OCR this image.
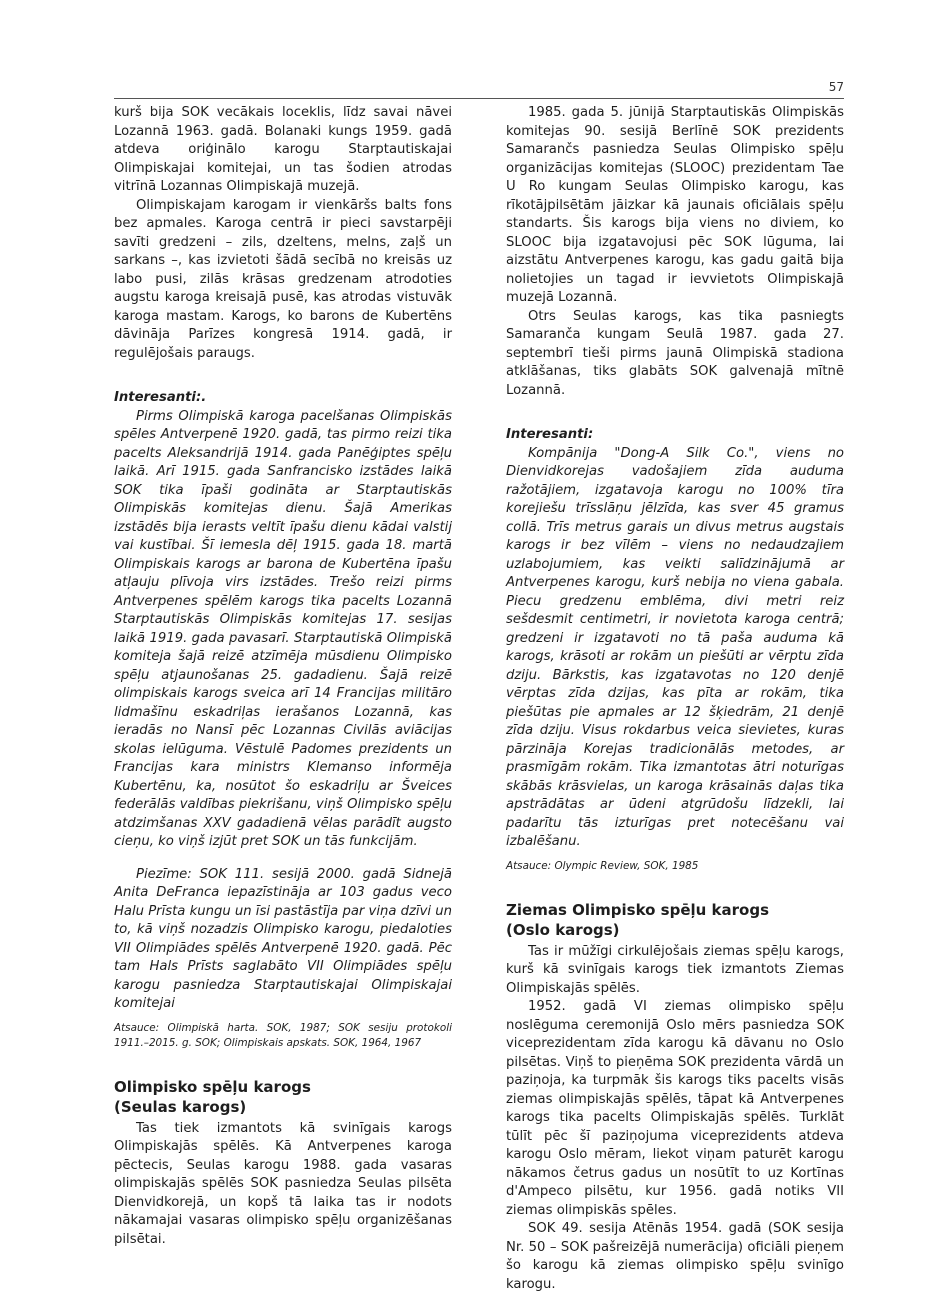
57

kurš bija SOK vecākais loceklis, līdz savai nāvei Lozannā 1963. gadā. Bolanaki kungs 1959. gadā atdeva oriģinālo karogu Starptautiskajai Olimpiskajai komitejai, un tas šodien atrodas vitrīnā Lozannas Olimpiskajā muzejā.

Olimpiskajam karogam ir vienkāršs balts fons bez apmales. Karoga centrā ir pieci savstarpēji savīti gredzeni – zils, dzeltens, melns, zaļš un sarkans –, kas izvietoti šādā secībā no kreisās uz labo pusi, zilās krāsas gredzenam atrodoties augstu karoga kreisajā pusē, kas atrodas vistuvāk karoga mastam. Karogs, ko barons de Kubertēns dāvināja Parīzes kongresā 1914. gadā, ir regulējošais paraugs.

Interesanti:.

Pirms Olimpiskā karoga pacelšanas Olimpiskās spēles Antverpenē 1920. gadā, tas pirmo reizi tika pacelts Aleksandrijā 1914. gada Panēģiptes spēļu laikā. Arī 1915. gada Sanfrancisko izstādes laikā SOK tika īpaši godināta ar Starptautiskās Olimpiskās komitejas dienu. Šajā Amerikas izstādēs bija ierasts veltīt īpašu dienu kādai valstij vai kustībai. Šī iemesla dēļ 1915. gada 18. martā Olimpiskais karogs ar barona de Kubertēna īpašu atļauju plīvoja virs izstādes. Trešo reizi pirms Antverpenes spēlēm karogs tika pacelts Lozannā Starptautiskās Olimpiskās komitejas 17. sesijas laikā 1919. gada pavasarī. Starptautiskā Olimpiskā komiteja šajā reizē atzīmēja mūsdienu Olimpisko spēļu atjaunošanas 25. gadadienu. Šajā reizē olimpiskais karogs sveica arī 14 Francijas militāro lidmašīnu eskadriļas ierašanos Lozannā, kas ieradās no Nansī pēc Lozannas Civilās aviācijas skolas ielūguma. Vēstulē Padomes prezidents un Francijas kara ministrs Klemanso informēja Kubertēnu, ka, nosūtot šo eskadriļu ar Šveices federālās valdības piekrišanu, viņš Olimpisko spēļu atdzimšanas XXV gadadienā vēlas parādīt augsto cieņu, ko viņš izjūt pret SOK un tās funkcijām.

Piezīme: SOK 111. sesijā 2000. gadā Sidnejā Anita DeFranca iepazīstināja ar 103 gadus veco Halu Prīsta kungu un īsi pastāstīja par viņa dzīvi un to, kā viņš nozadzis Olimpisko karogu, piedaloties VII Olimpiādes spēlēs Antverpenē 1920. gadā. Pēc tam Hals Prīsts saglabāto VII Olimpiādes spēļu karogu pasniedza Starptautiskajai Olimpiskajai komitejai

Atsauce: Olimpiskā harta. SOK, 1987; SOK sesiju protokoli 1911.–2015. g. SOK; Olimpiskais apskats. SOK, 1964, 1967

Olimpisko spēļu karogs
(Seulas karogs)

Tas tiek izmantots kā svinīgais karogs Olimpiskajās spēlēs. Kā Antverpenes karoga pēctecis, Seulas karogu 1988. gada vasaras olimpiskajās spēlēs SOK pasniedza Seulas pilsēta Dienvidkorejā, un kopš tā laika tas ir nodots nākamajai vasaras olimpisko spēļu organizēšanas pilsētai.

1985. gada 5. jūnijā Starptautiskās Olimpiskās komitejas 90. sesijā Berlīnē SOK prezidents Samarančs pasniedza Seulas Olimpisko spēļu organizācijas komitejas (SLOOC) prezidentam Tae U Ro kungam Seulas Olimpisko karogu, kas rīkotājpilsētām jāizkar kā jaunais oficiālais spēļu standarts. Šis karogs bija viens no diviem, ko SLOOC bija izgatavojusi pēc SOK lūguma, lai aizstātu Antverpenes karogu, kas gadu gaitā bija nolietojies un tagad ir ievvietots Olimpiskajā muzejā Lozannā.

Otrs Seulas karogs, kas tika pasniegts Samaranča kungam Seulā 1987. gada 27. septembrī tieši pirms jaunā Olimpiskā stadiona atklāšanas, tiks glabāts SOK galvenajā mītnē Lozannā.

Interesanti:

Kompānija "Dong-A Silk Co.", viens no Dienvidkorejas vadošajiem zīda auduma ražotājiem, izgatavoja karogu no 100% tīra korejiešu trīsslāņu jēlzīda, kas sver 45 gramus collā. Trīs metrus garais un divus metrus augstais karogs ir bez vīlēm – viens no nedaudzajiem uzlabojumiem, kas veikti salīdzinājumā ar Antverpenes karogu, kurš nebija no viena gabala. Piecu gredzenu emblēma, divi metri reiz sešdesmit centimetri, ir novietota karoga centrā; gredzeni ir izgatavoti no tā paša auduma kā karogs, krāsoti ar rokām un piešūti ar vērptu zīda dziju. Bārkstis, kas izgatavotas no 120 denjē vērptas zīda dzijas, kas pīta ar rokām, tika piešūtas pie apmales ar 12 šķiedrām, 21 denjē zīda dziju. Visus rokdarbus veica sievietes, kuras pārzināja Korejas tradicionālās metodes, ar prasmīgām rokām. Tika izmantotas ātri noturīgas skābās krāsvielas, un karoga krāsainās daļas tika apstrādātas ar ūdeni atgrūdošu līdzekli, lai padarītu tās izturīgas pret notecēšanu vai izbalēšanu.

Atsauce: Olympic Review, SOK, 1985

Ziemas Olimpisko spēļu karogs
(Oslo karogs)

Tas ir mūžīgi cirkulējošais ziemas spēļu karogs, kurš kā svinīgais karogs tiek izmantots Ziemas Olimpiskajās spēlēs.

1952. gadā VI ziemas olimpisko spēļu noslēguma ceremonijā Oslo mērs pasniedza SOK viceprezidentam zīda karogu kā dāvanu no Oslo pilsētas. Viņš to pieņēma SOK prezidenta vārdā un paziņoja, ka turpmāk šis karogs tiks pacelts visās ziemas olimpiskajās spēlēs, tāpat kā Antverpenes karogs tika pacelts Olimpiskajās spēlēs. Turklāt tūlīt pēc šī paziņojuma viceprezidents atdeva karogu Oslo mēram, liekot viņam paturēt karogu nākamos četrus gadus un nosūtīt to uz Kortīnas d'Ampeco pilsētu, kur 1956. gadā notiks VII ziemas olimpiskās spēles.

SOK 49. sesija Atēnās 1954. gadā (SOK sesija Nr. 50 – SOK pašreizējā numerācija) oficiāli pieņem šo karogu kā ziemas olimpisko spēļu svinīgo karogu.
